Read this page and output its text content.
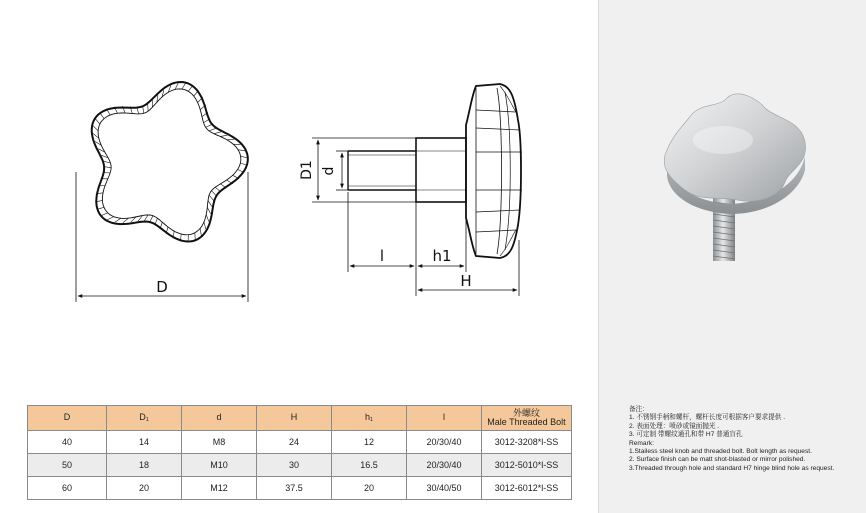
D
D1 d
l	h1
H
D	D₁	d	H	h₁	l	外螺纹
Male Threaded Bolt

40	14	M8	24	12	20/30/40	3012-3208*l-SS
50	18	M10	30	16.5	20/30/40	3012-5010*l-SS
60	20	M12	37.5	20	30/40/50	3012-6012*l-SS
备注：
1. 不锈钢手柄和螺杆，螺杆长度可根据客户要求提供 .
2. 表面处理：喷砂或镜面抛光 .
3. 可定制 带螺纹通孔和带 H7 普通盲孔
Remark:
1.Stailess steel knob and threaded bolt. Bolt length as request.
2. Surface finish can be matt shot-blasted or mirror polished.
3.Threaded through hole and standard H7 hinge blind hole as request.
